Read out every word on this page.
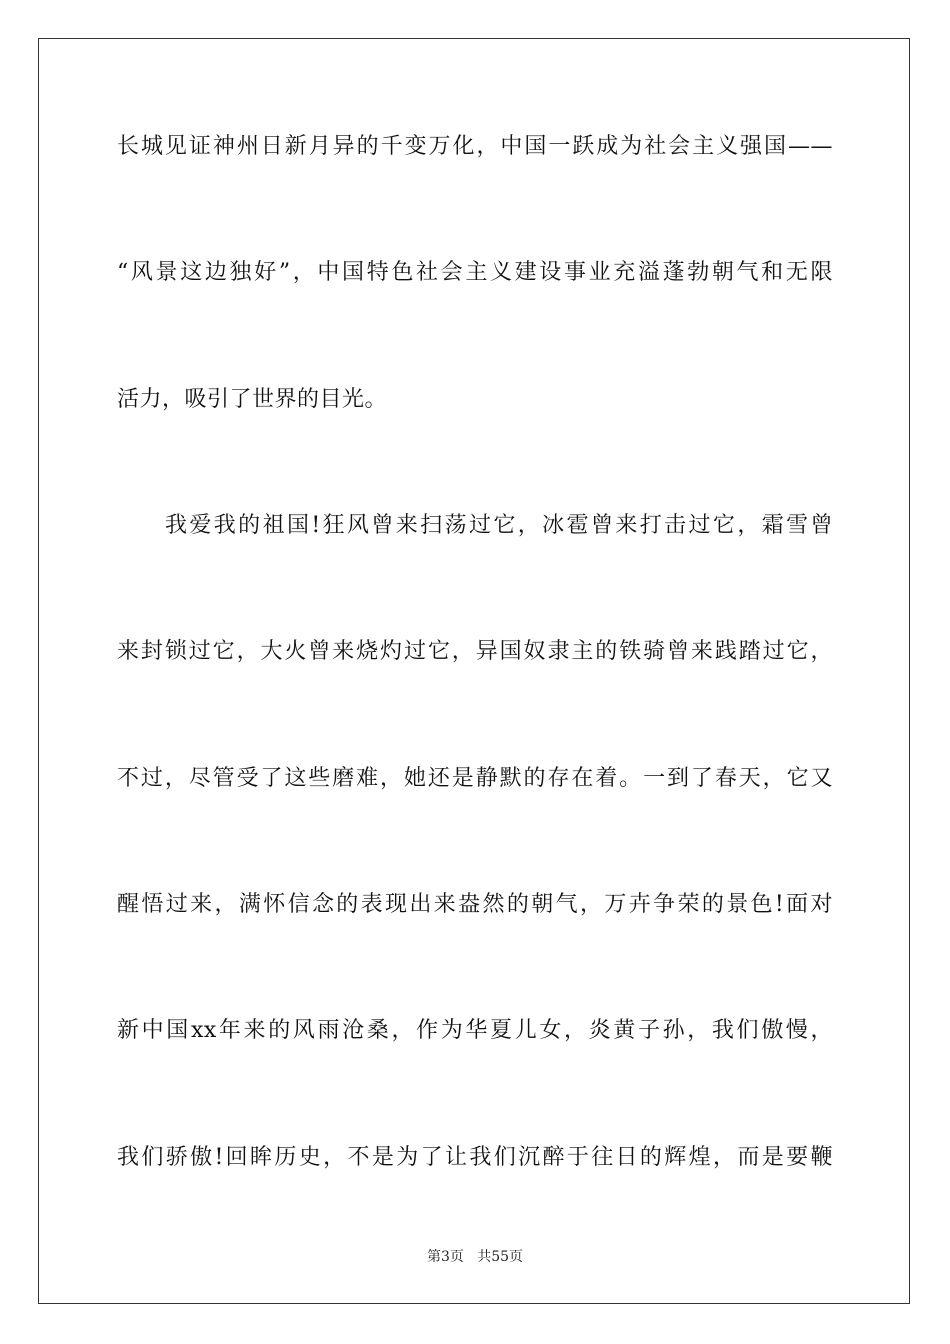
长城见证神州日新月异的千变万化，中国一跃成为社会主义强国——
“风景这边独好”，中国特色社会主义建设事业充溢蓬勃朝气和无限
活力，吸引了世界的目光。
我爱我的祖国!狂风曾来扫荡过它，冰雹曾来打击过它，霜雪曾
来封锁过它，大火曾来烧灼过它，异国奴隶主的铁骑曾来践踏过它，
不过，尽管受了这些磨难，她还是静默的存在着。一到了春天，它又
醒悟过来，满怀信念的表现出来盎然的朝气，万卉争荣的景色!面对
新中国xx年来的风雨沧桑，作为华夏儿女，炎黄子孙，我们傲慢，
我们骄傲!回眸历史，不是为了让我们沉醉于往日的辉煌，而是要鞭
第3页   共55页
